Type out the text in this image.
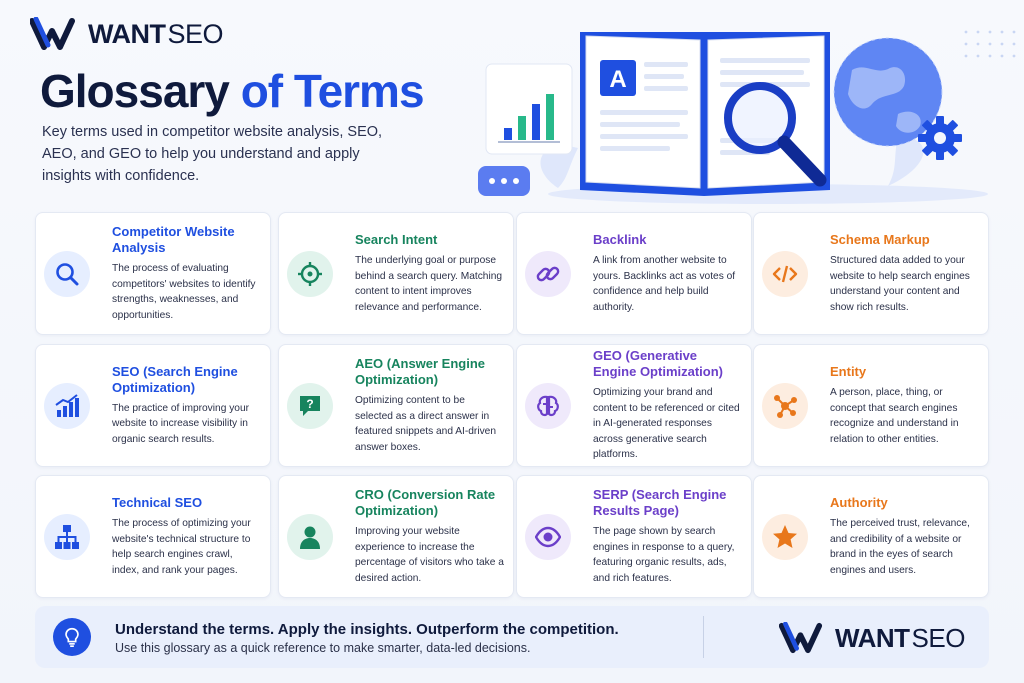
WANTSEO
Glossary of Terms

Key terms used in competitor website analysis, SEO, AEO, and GEO to help you understand and apply insights with confidence.

A
Competitor Website Analysis
The process of evaluating competitors' websites to identify strengths, weaknesses, and opportunities.
Search Intent
The underlying goal or purpose behind a search query. Matching content to intent improves relevance and performance.
Backlink
A link from another website to yours. Backlinks act as votes of confidence and help build authority.
Schema Markup
Structured data added to your website to help search engines understand your content and show rich results.
SEO (Search Engine Optimization)
The practice of improving your website to increase visibility in organic search results.
?
AEO (Answer Engine Optimization)
Optimizing content to be selected as a direct answer in featured snippets and AI-driven answer boxes.
GEO (Generative Engine Optimization)
Optimizing your brand and content to be referenced or cited in AI-generated responses across generative search platforms.
Entity
A person, place, thing, or concept that search engines recognize and understand in relation to other entities.
Technical SEO
The process of optimizing your website's technical structure to help search engines crawl, index, and rank your pages.
CRO (Conversion Rate Optimization)
Improving your website experience to increase the percentage of visitors who take a desired action.
SERP (Search Engine Results Page)
The page shown by search engines in response to a query, featuring organic results, ads, and rich features.
Authority
The perceived trust, relevance, and credibility of a website or brand in the eyes of search engines and users.
Understand the terms. Apply the insights. Outperform the competition.
Use this glossary as a quick reference to make smarter, data-led decisions.	WANTSEO
